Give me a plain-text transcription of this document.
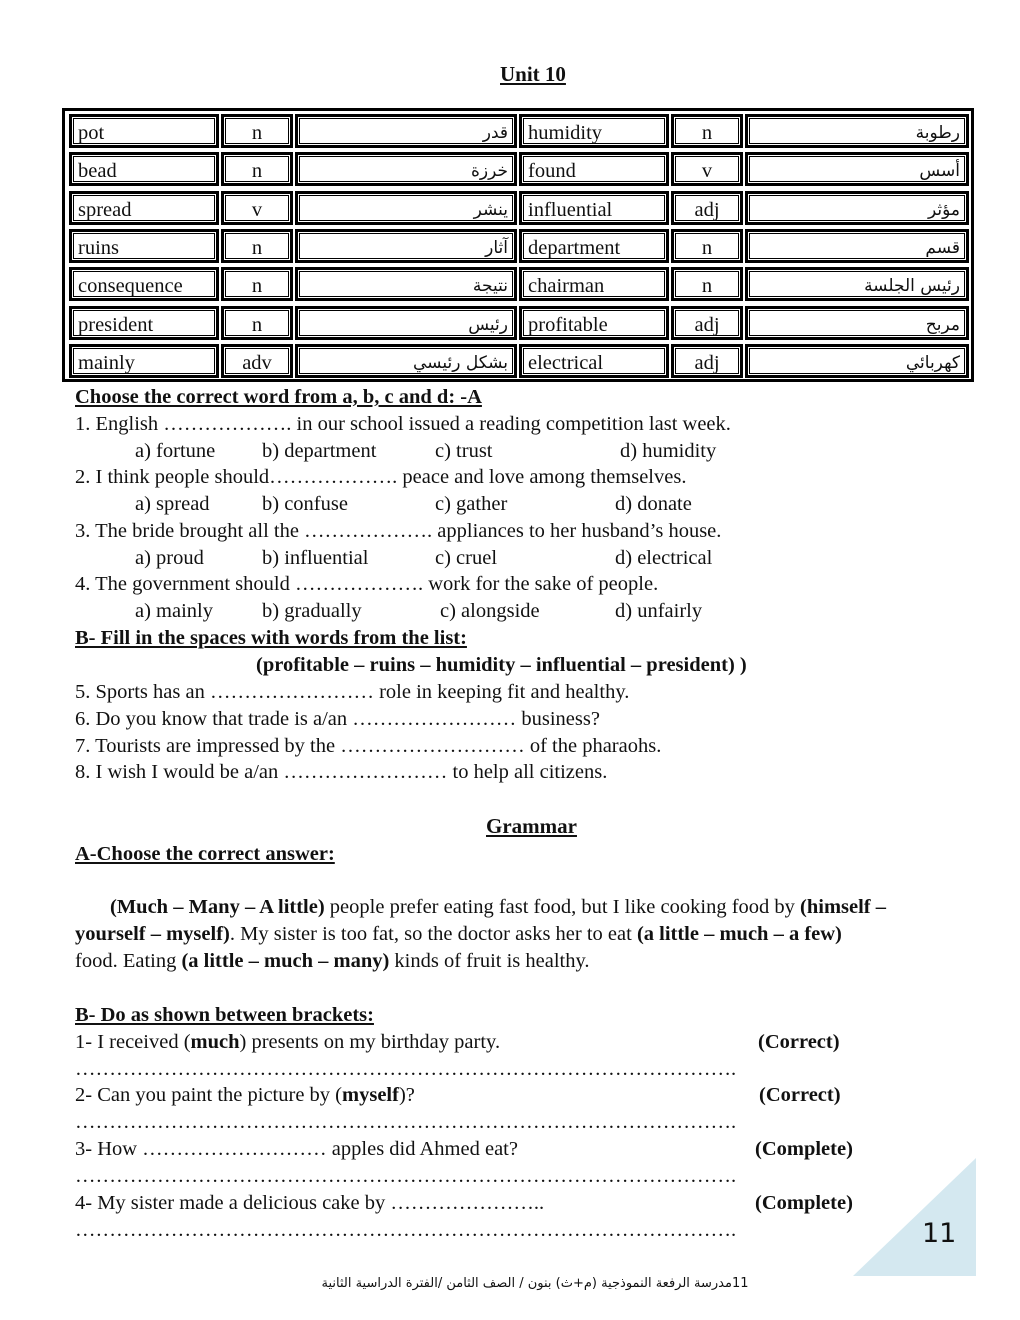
Unit 10
pot	n	قدر humidity	n	رطوبة
bead	n	خرزة found	v	أسس
spread	v	ينشر influential	adj	مؤثر
ruins	n	آثار department	n	قسم
consequence	n	نتيجة chairman	n	رئيس الجلسة
president	n	رئيس profitable	adj	مربح
mainly	adv	بشكل رئيسي electrical	adj	كهربائي
Choose the correct word from a, b, c and d: -A
1. English ………………. in our school issued a reading competition last week.
a) fortune b) department	c) trust	d) humidity
2. I think people should………………. peace and love among themselves.
a) spread	b) confuse	c) gather	d) donate
3. The bride brought all the ………………. appliances to her husband’s house.
a) proud	b) influential	c) cruel	d) electrical
4. The government should ………………. work for the sake of people.
a) mainly b) gradually	c) alongside	d) unfairly
B- Fill in the spaces with words from the list:
(profitable – ruins – humidity – influential – president) )
5. Sports has an …………………… role in keeping fit and healthy.
6. Do you know that trade is a/an …………………… business?
7. Tourists are impressed by the ……………………… of the pharaohs.
8. I wish I would be a/an …………………… to help all citizens.
Grammar
A-Choose the correct answer:
(Much – Many – A little) people prefer eating fast food, but I like cooking food by (himself –
yourself – myself). My sister is too fat, so the doctor asks her to eat (a little – much – a few)
food. Eating (a little – much – many) kinds of fruit is healthy.
B- Do as shown between brackets:
1- I received (much) presents on my birthday party.	(Correct)
…………………………………………………………………………………….
2- Can you paint the picture by (myself)?	(Correct)
…………………………………………………………………………………….
3- How ……………………… apples did Ahmed eat?	(Complete)
…………………………………………………………………………………….
4- My sister made a delicious cake by …………………..	(Complete)
…………………………………………………………………………………….	11
11مدرسة الرفعة النموذجية (م+ث) بنون / الصف الثامن /الفترة الدراسية الثانية
